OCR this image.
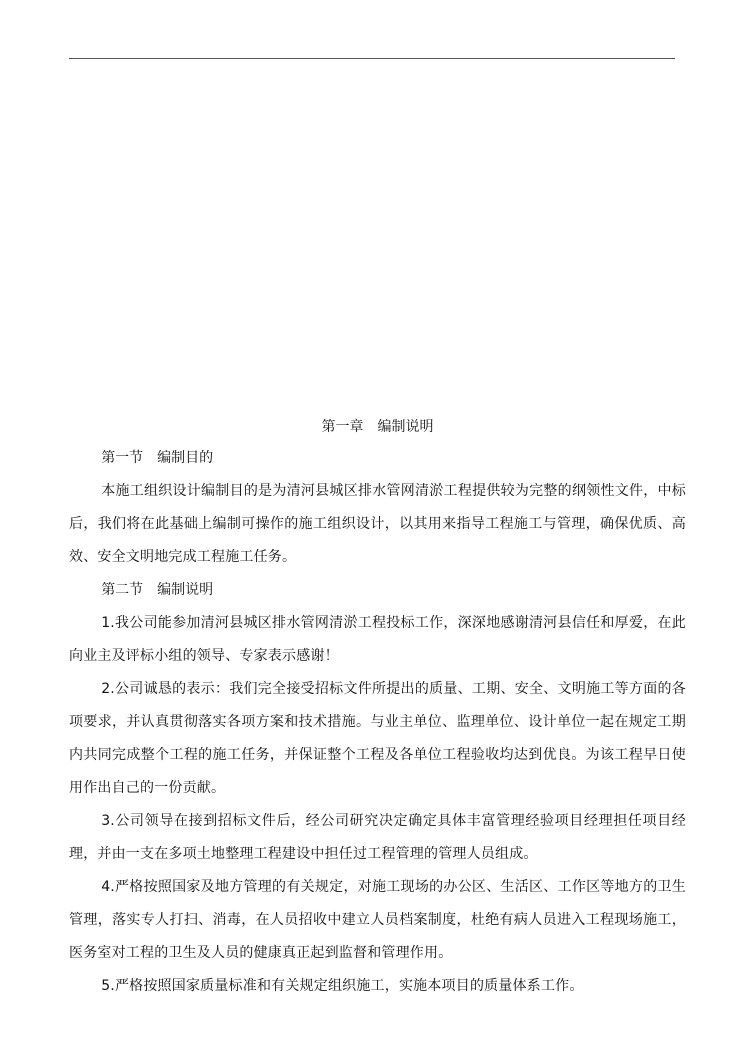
第一章　编制说明
第一节　编制目的

本施工组织设计编制目的是为清河县城区排水管网清淤工程提供较为完整的纲领性文件，中标后，我们将在此基础上编制可操作的施工组织设计，以其用来指导工程施工与管理，确保优质、高效、安全文明地完成工程施工任务。

第二节　编制说明

1.我公司能参加清河县城区排水管网清淤工程投标工作，深深地感谢清河县信任和厚爱，在此向业主及评标小组的领导、专家表示感谢！

2.公司诚恳的表示：我们完全接受招标文件所提出的质量、工期、安全、文明施工等方面的各项要求，并认真贯彻落实各项方案和技术措施。与业主单位、监理单位、设计单位一起在规定工期内共同完成整个工程的施工任务，并保证整个工程及各单位工程验收均达到优良。为该工程早日使用作出自己的一份贡献。

3.公司领导在接到招标文件后，经公司研究决定确定具体丰富管理经验项目经理担任项目经理，并由一支在多项土地整理工程建设中担任过工程管理的管理人员组成。

4.严格按照国家及地方管理的有关规定，对施工现场的办公区、生活区、工作区等地方的卫生管理，落实专人打扫、消毒，在人员招收中建立人员档案制度，杜绝有病人员进入工程现场施工，医务室对工程的卫生及人员的健康真正起到监督和管理作用。

5.严格按照国家质量标准和有关规定组织施工，实施本项目的质量体系工作。
